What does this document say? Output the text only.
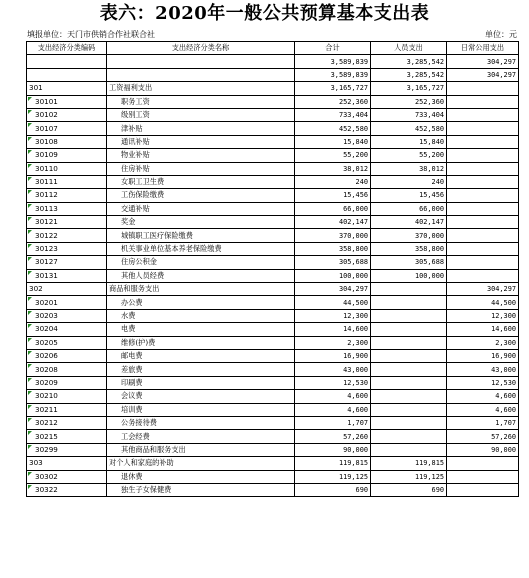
表六：2020年一般公共预算基本支出表
填报单位：天门市供销合作社联合社	单位：元
支出经济分类编码	支出经济分类名称	合计	人员支出	日常公用支出
		3,589,839	3,285,542	304,297
		3,589,839	3,285,542	304,297
301	工资福利支出	3,165,727	3,165,727	
30101	职务工资	252,360	252,360	
30102	级别工资	733,404	733,404	
30107	津补贴	452,580	452,580	
30108	通讯补贴	15,840	15,840	
30109	物业补贴	55,200	55,200	
30110	住房补贴	38,012	38,012	
30111	女职工卫生费	240	240	
30112	工伤保险缴费	15,456	15,456	
30113	交通补贴	66,000	66,000	
30121	奖金	402,147	402,147	
30122	城镇职工医疗保险缴费	370,000	370,000	
30123	机关事业单位基本养老保险缴费	358,800	358,800	
30127	住房公积金	305,688	305,688	
30131	其他人员经费	100,000	100,000	
302	商品和服务支出	304,297		304,297
30201	办公费	44,500		44,500
30203	水费	12,300		12,300
30204	电费	14,600		14,600
30205	维修(护)费	2,300		2,300
30206	邮电费	16,900		16,900
30208	差旅费	43,000		43,000
30209	印刷费	12,530		12,530
30210	会议费	4,600		4,600
30211	培训费	4,600		4,600
30212	公务接待费	1,707		1,707
30215	工会经费	57,260		57,260
30299	其他商品和服务支出	90,000		90,000
303	对个人和家庭的补助	119,815	119,815	
30302	退休费	119,125	119,125	
30322	独生子女保健费	690	690	
